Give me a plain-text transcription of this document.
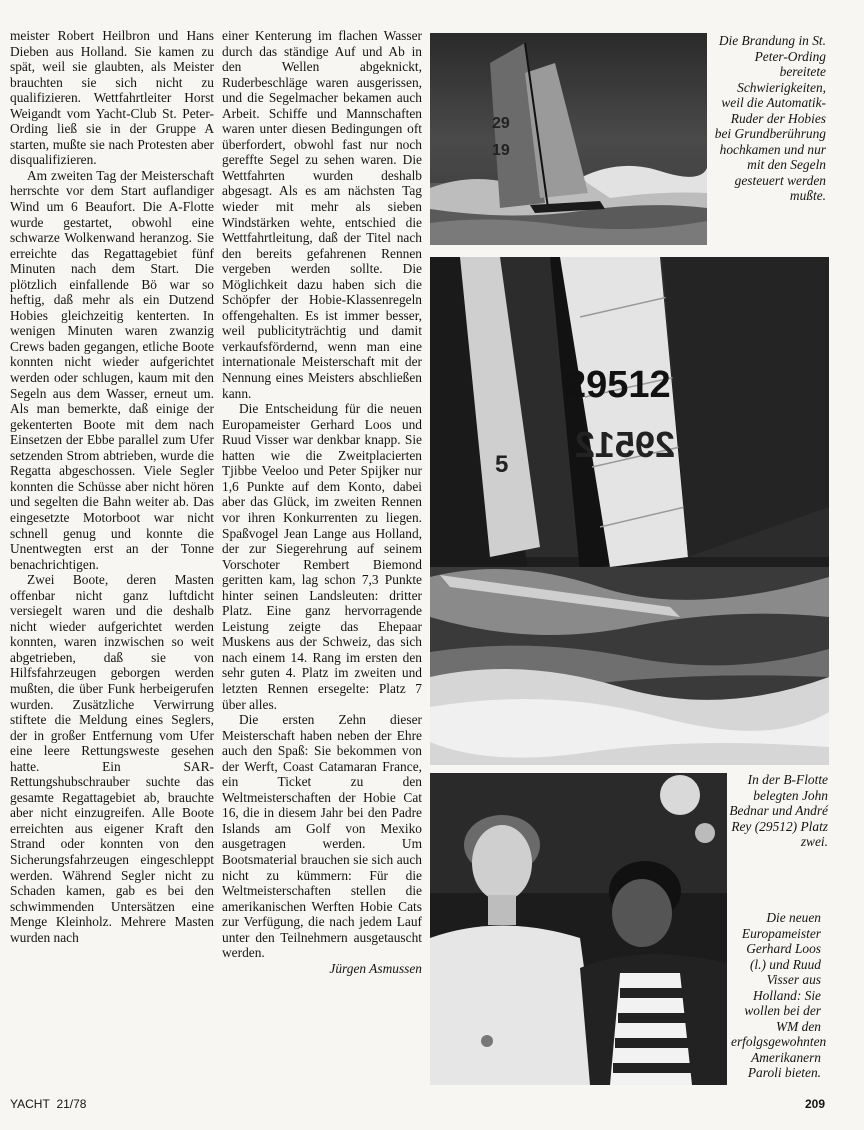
meister Robert Heilbron und Hans Dieben aus Holland. Sie kamen zu spät, weil sie glaubten, als Meister brauchten sie sich nicht zu qualifizieren. Wettfahrtleiter Horst Weigandt vom Yacht-Club St. Peter-Ording ließ sie in der Gruppe A starten, mußte sie nach Protesten aber disqualifizieren.

Am zweiten Tag der Meisterschaft herrschte vor dem Start auflandiger Wind um 6 Beaufort. Die A-Flotte wurde gestartet, obwohl eine schwarze Wolkenwand heranzog. Sie erreichte das Regattagebiet fünf Minuten nach dem Start. Die plötzlich einfallende Bö war so heftig, daß mehr als ein Dutzend Hobies gleichzeitig kenterten. In wenigen Minuten waren zwanzig Crews baden gegangen, etliche Boote konnten nicht wieder aufgerichtet werden oder schlugen, kaum mit den Segeln aus dem Wasser, erneut um. Als man bemerkte, daß einige der gekenterten Boote mit dem nach Einsetzen der Ebbe parallel zum Ufer setzenden Strom abtrieben, wurde die Regatta abgeschossen. Viele Segler konnten die Schüsse aber nicht hören und segelten die Bahn weiter ab. Das eingesetzte Motorboot war nicht schnell genug und konnte die Unentwegten erst an der Tonne benachrichtigen.

Zwei Boote, deren Masten offenbar nicht ganz luftdicht versiegelt waren und die deshalb nicht wieder aufgerichtet werden konnten, waren inzwischen so weit abgetrieben, daß sie von Hilfsfahrzeugen geborgen werden mußten, die über Funk herbeigerufen wurden. Zusätzliche Verwirrung stiftete die Meldung eines Seglers, der in großer Entfernung vom Ufer eine leere Rettungsweste gesehen hatte. Ein SAR-Rettungshubschrauber suchte das gesamte Regattagebiet ab, brauchte aber nicht einzugreifen. Alle Boote erreichten aus eigener Kraft den Strand oder konnten von den Sicherungsfahrzeugen eingeschleppt werden. Während Segler nicht zu Schaden kamen, gab es bei den schwimmenden Untersätzen eine Menge Kleinholz. Mehrere Masten wurden nach

einer Kenterung im flachen Wasser durch das ständige Auf und Ab in den Wellen abgeknickt, Ruderbeschläge waren ausgerissen, und die Segelmacher bekamen auch Arbeit. Schiffe und Mannschaften waren unter diesen Bedingungen oft überfordert, obwohl fast nur noch gereffte Segel zu sehen waren. Die Wettfahrten wurden deshalb abgesagt. Als es am nächsten Tag wieder mit mehr als sieben Windstärken wehte, entschied die Wettfahrtleitung, daß der Titel nach den bereits gefahrenen Rennen vergeben werden sollte. Die Möglichkeit dazu haben sich die Schöpfer der Hobie-Klassenregeln offengehalten. Es ist immer besser, weil publicityträchtig und damit verkaufsfördernd, wenn man eine internationale Meisterschaft mit der Nennung eines Meisters abschließen kann.

Die Entscheidung für die neuen Europameister Gerhard Loos und Ruud Visser war denkbar knapp. Sie hatten wie die Zweitplacierten Tjibbe Veeloo und Peter Spijker nur 1,6 Punkte auf dem Konto, dabei aber das Glück, im zweiten Rennen vor ihren Konkurrenten zu liegen. Spaßvogel Jean Lange aus Holland, der zur Siegerehrung auf seinem Vorschoter Rembert Biemond geritten kam, lag schon 7,3 Punkte hinter seinen Landsleuten: dritter Platz. Eine ganz hervorragende Leistung zeigte das Ehepaar Muskens aus der Schweiz, das sich nach einem 14. Rang im ersten den sehr guten 4. Platz im zweiten und letzten Rennen ersegelte: Platz 7 über alles.

Die ersten Zehn dieser Meisterschaft haben neben der Ehre auch den Spaß: Sie bekommen von der Werft, Coast Catamaran France, ein Ticket zu den Weltmeisterschaften der Hobie Cat 16, die in diesem Jahr bei den Padre Islands am Golf von Mexiko ausgetragen werden. Um Bootsmaterial brauchen sie sich auch nicht zu kümmern: Für die Weltmeisterschaften stellen die amerikanischen Werften Hobie Cats zur Verfügung, die nach jedem Lauf unter den Teilnehmern ausgetauscht werden.

Jürgen Asmussen

29
19
Die Brandung in St. Peter-Ording bereitete Schwierigkeiten, weil die Automatik-Ruder der Hobies bei Grundberührung hochkamen und nur mit den Segeln gesteuert werden mußte.
29512
29512
5
In der B-Flotte belegten John Bednar und André Rey (29512) Platz zwei.
Die neuen Europameister Gerhard Loos (l.) und Ruud Visser aus Holland: Sie wollen bei der WM den erfolgsgewohnten Amerikanern Paroli bieten.
YACHT 21/78	209
